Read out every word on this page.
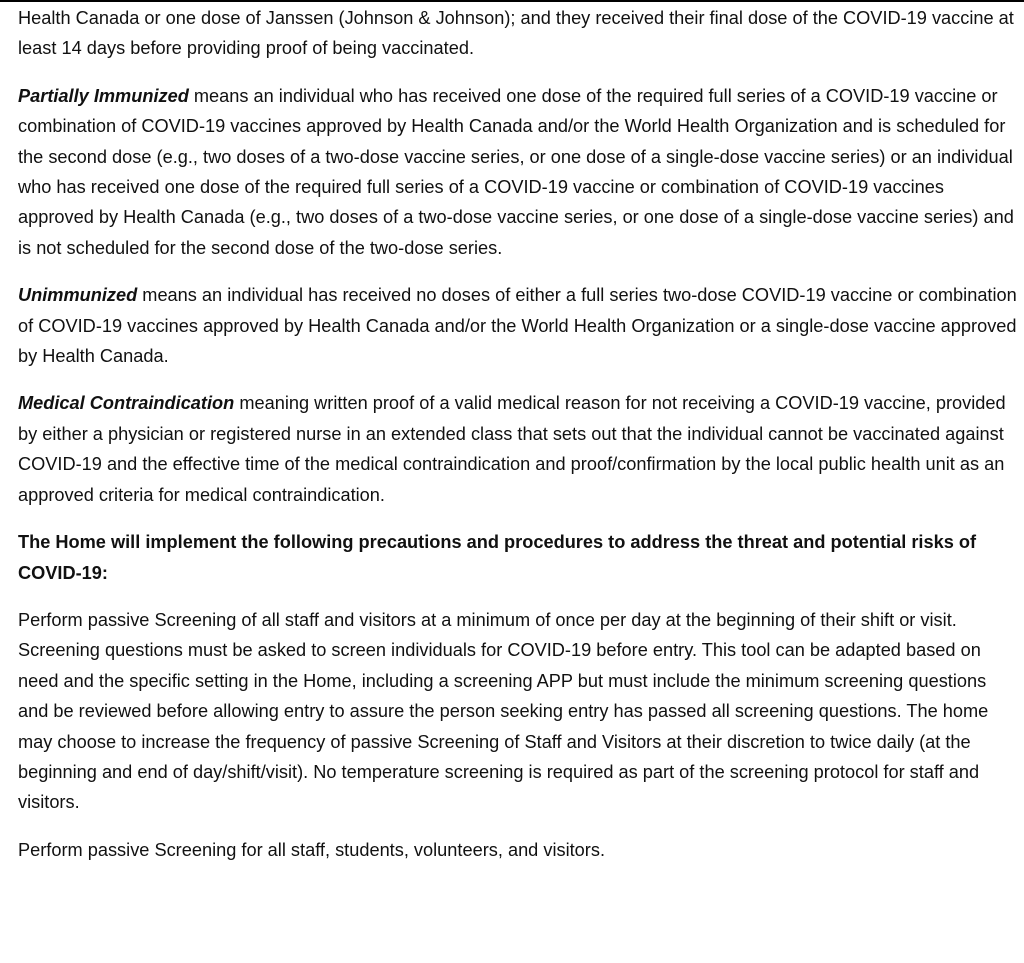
Health Canada or one dose of Janssen (Johnson & Johnson); and they received their final dose of the COVID-19 vaccine at least 14 days before providing proof of being vaccinated.

Partially Immunized means an individual who has received one dose of the required full series of a COVID-19 vaccine or combination of COVID-19 vaccines approved by Health Canada and/or the World Health Organization and is scheduled for the second dose (e.g., two doses of a two-dose vaccine series, or one dose of a single-dose vaccine series) or an individual who has received one dose of the required full series of a COVID-19 vaccine or combination of COVID-19 vaccines approved by Health Canada (e.g., two doses of a two-dose vaccine series, or one dose of a single-dose vaccine series) and is not scheduled for the second dose of the two-dose series.

Unimmunized means an individual has received no doses of either a full series two-dose COVID-19 vaccine or combination of COVID-19 vaccines approved by Health Canada and/or the World Health Organization or a single-dose vaccine approved by Health Canada.

Medical Contraindication meaning written proof of a valid medical reason for not receiving a COVID-19 vaccine, provided by either a physician or registered nurse in an extended class that sets out that the individual cannot be vaccinated against COVID-19 and the effective time of the medical contraindication and proof/confirmation by the local public health unit as an approved criteria for medical contraindication.

The Home will implement the following precautions and procedures to address the threat and potential risks of COVID-19:

Perform passive Screening of all staff and visitors at a minimum of once per day at the beginning of their shift or visit. Screening questions must be asked to screen individuals for COVID-19 before entry. This tool can be adapted based on need and the specific setting in the Home, including a screening APP but must include the minimum screening questions and be reviewed before allowing entry to assure the person seeking entry has passed all screening questions. The home may choose to increase the frequency of passive Screening of Staff and Visitors at their discretion to twice daily (at the beginning and end of day/shift/visit). No temperature screening is required as part of the screening protocol for staff and visitors.

Perform passive Screening for all staff, students, volunteers, and visitors.
